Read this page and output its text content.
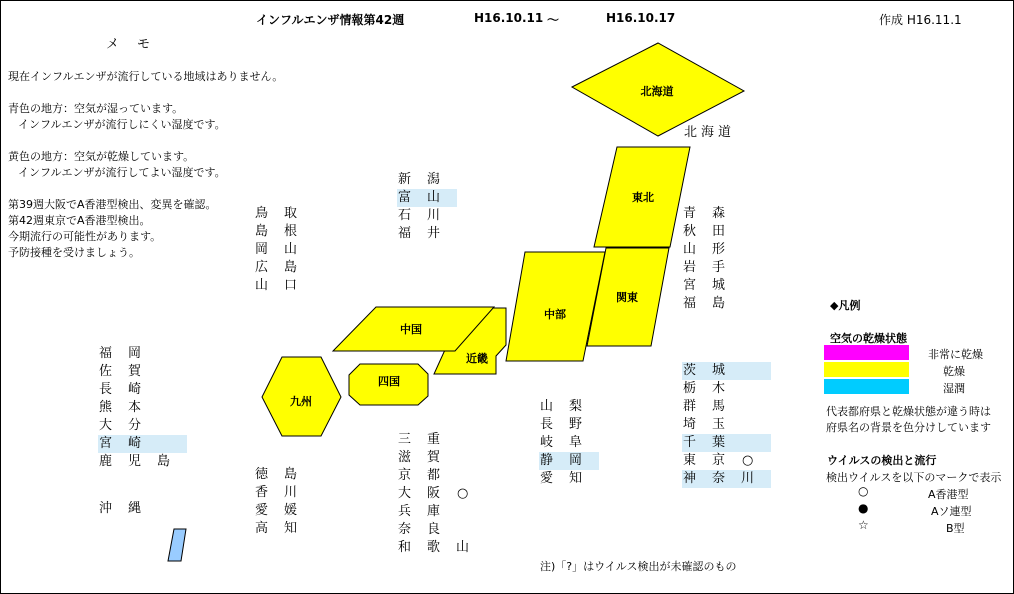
インフルエンザ情報第42週	H16.10.11 ～	H16.10.17	作成 H16.11.1
メモ

現在インフルエンザが流行している地域はありません。

青色の地方：空気が湿っています。

インフルエンザが流行しにくい湿度です。

黄色の地方：空気が乾燥しています。

インフルエンザが流行してよい湿度です。

第39週大阪でA香港型検出、変異を確認。

第42週東京でA香港型検出。

今期流行の可能性があります。

予防接種を受けましょう。

北海道
東北
関東
中部
近畿
中国
四国
九州
北海道
新潟
富山
石川
福井
鳥取
島根
岡山
広島
山口
青森
秋田
山形
岩手
宮城
福島
福岡
佐賀
長崎
熊本
大分
宮崎
鹿児島
沖縄
山梨
長野
岐阜
静岡
愛知
茨城
栃木
群馬
埼玉
千葉
東京 ○
神奈川
三重
滋賀
京都
大阪 ○
兵庫
奈良
和歌山
徳島
香川
愛媛
高知
◆凡例
空気の乾燥状態
非常に乾燥
乾燥
湿潤
代表都府県と乾燥状態が違う時は
府県名の背景を色分けしています
ウイルスの検出と流行
検出ウイルスを以下のマークで表示
○	A香港型
●	Aソ連型
☆	B型
注)「?」はウイルス検出が未確認のもの
